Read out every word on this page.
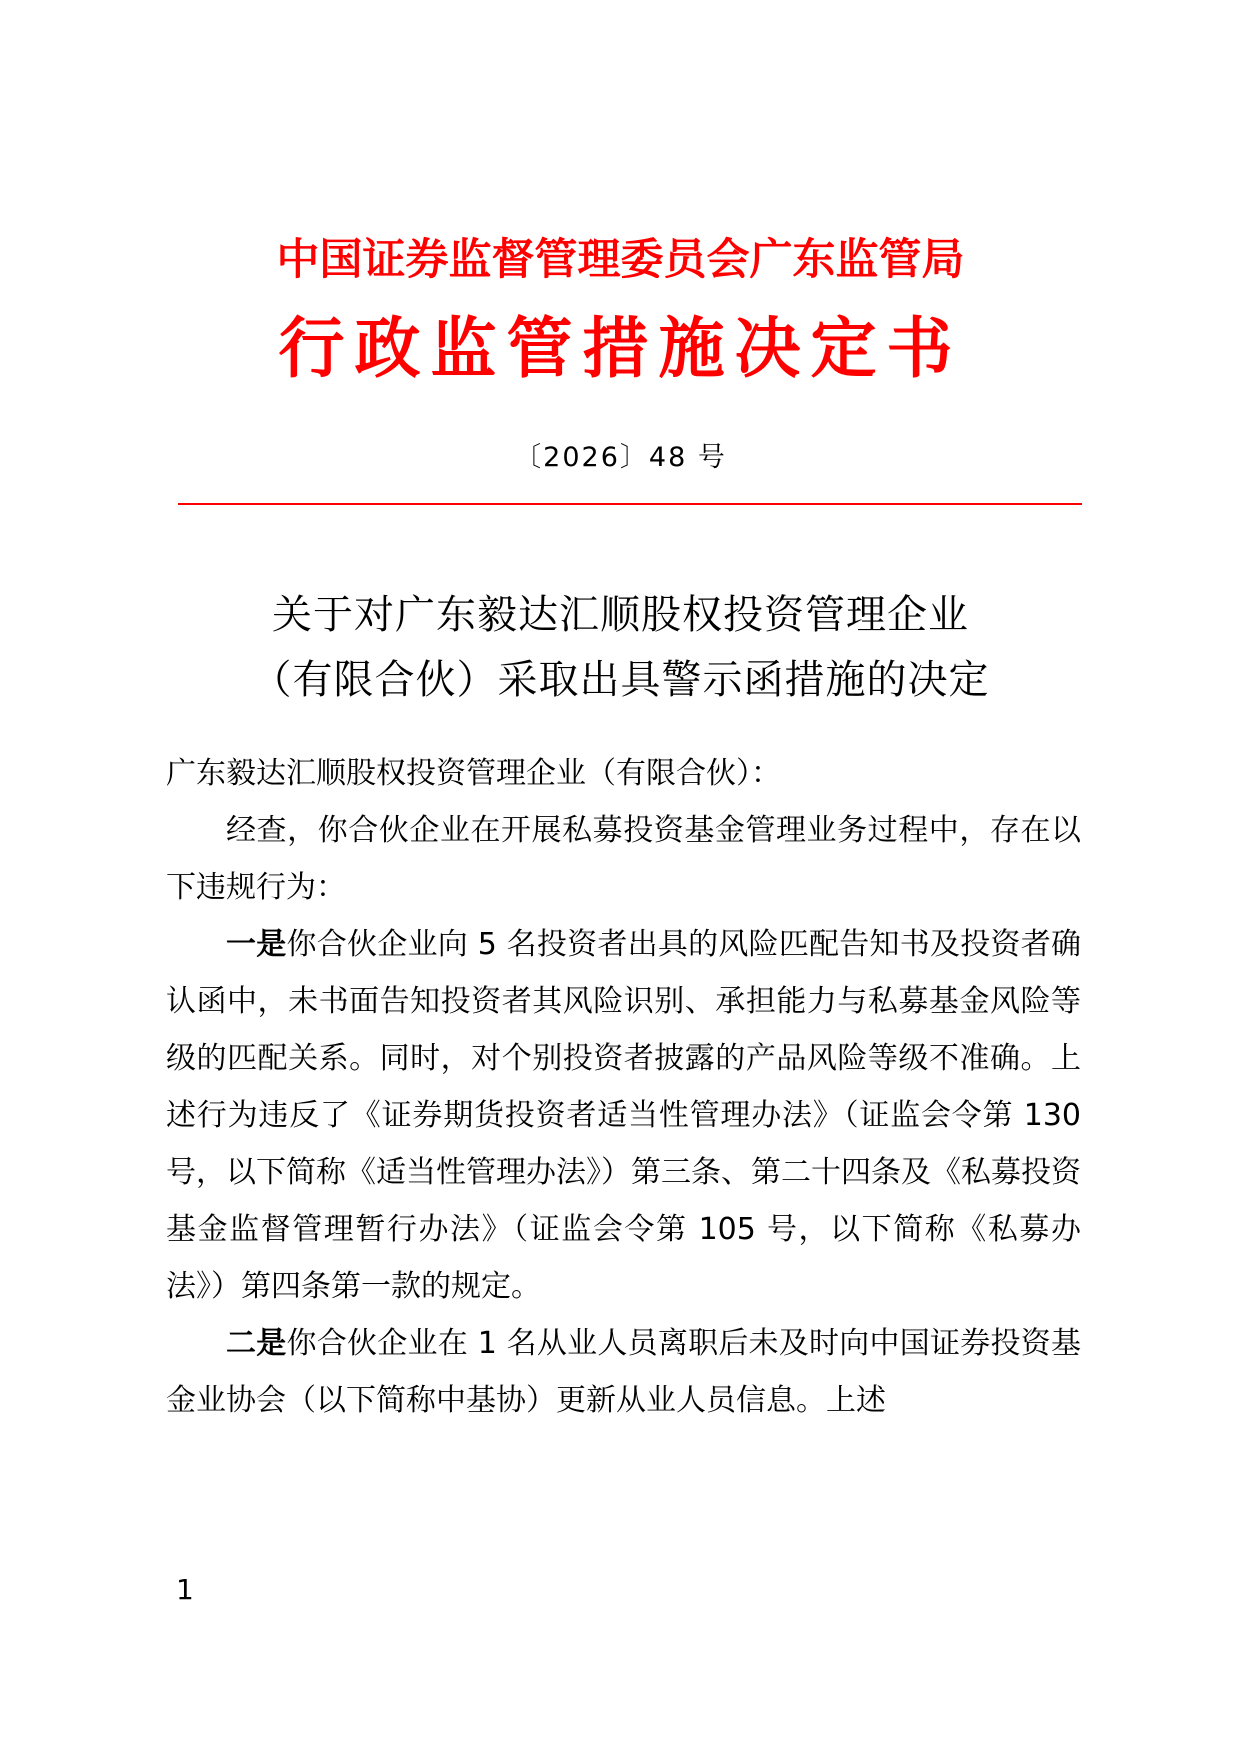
中国证券监督管理委员会广东监管局
行政监管措施决定书
〔2026〕48 号
关于对广东毅达汇顺股权投资管理企业
（有限合伙）采取出具警示函措施的决定

广东毅达汇顺股权投资管理企业（有限合伙）：

经查，你合伙企业在开展私募投资基金管理业务过程中，存在以下违规行为：

一是你合伙企业向 5 名投资者出具的风险匹配告知书及投资者确认函中，未书面告知投资者其风险识别、承担能力与私募基金风险等级的匹配关系。同时，对个别投资者披露的产品风险等级不准确。上述行为违反了《证券期货投资者适当性管理办法》（证监会令第 130 号，以下简称《适当性管理办法》）第三条、第二十四条及《私募投资基金监督管理暂行办法》（证监会令第 105 号，以下简称《私募办法》）第四条第一款的规定。

二是你合伙企业在 1 名从业人员离职后未及时向中国证券投资基金业协会（以下简称中基协）更新从业人员信息。上述

1
